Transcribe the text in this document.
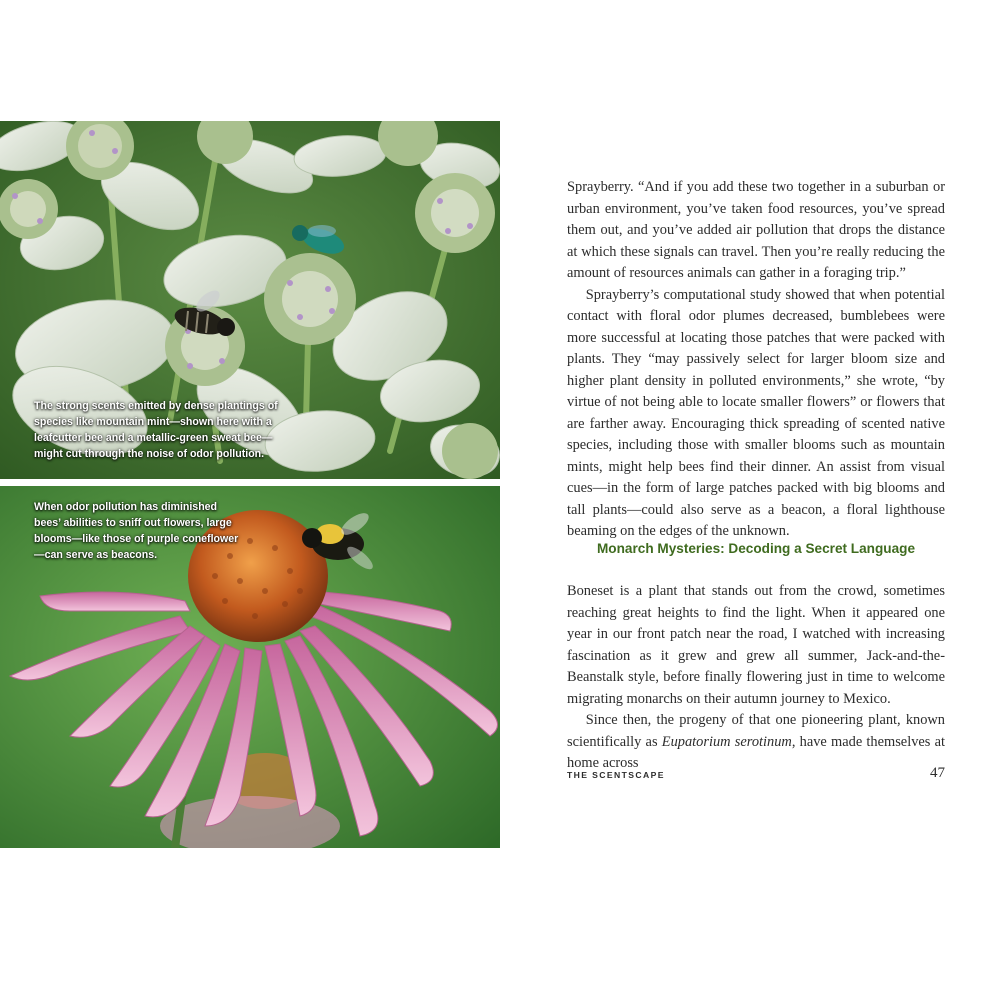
The strong scents emitted by dense plantings of species like mountain mint—shown here with a leafcutter bee and a metallic-green sweat bee—might cut through the noise of odor pollution.

When odor pollution has diminished bees’ abilities to sniff out flowers, large blooms—like those of purple coneflower—can serve as beacons.

Sprayberry. “And if you add these two together in a suburban or urban environment, you’ve taken food resources, you’ve spread them out, and you’ve added air pollution that drops the distance at which these signals can travel. Then you’re really reducing the amount of resources animals can gather in a foraging trip.”

Sprayberry’s computational study showed that when potential contact with floral odor plumes decreased, bumblebees were more successful at locating those patches that were packed with plants. They “may passively select for larger bloom size and higher plant density in polluted environments,” she wrote, “by virtue of not being able to locate smaller flowers” or flowers that are farther away. Encouraging thick spreading of scented native species, including those with smaller blooms such as mountain mints, might help bees find their dinner. An assist from visual cues—in the form of large patches packed with big blooms and tall plants—could also serve as a beacon, a floral lighthouse beaming on the edges of the unknown.

Monarch Mysteries: Decoding a Secret Language

Boneset is a plant that stands out from the crowd, sometimes reaching great heights to find the light. When it appeared one year in our front patch near the road, I watched with increasing fascination as it grew and grew all summer, Jack-and-the-Beanstalk style, before finally flowering just in time to welcome migrating monarchs on their autumn journey to Mexico.

Since then, the progeny of that one pioneering plant, known scientifically as Eupatorium serotinum, have made themselves at home across

THE SCENTSCAPE	47
